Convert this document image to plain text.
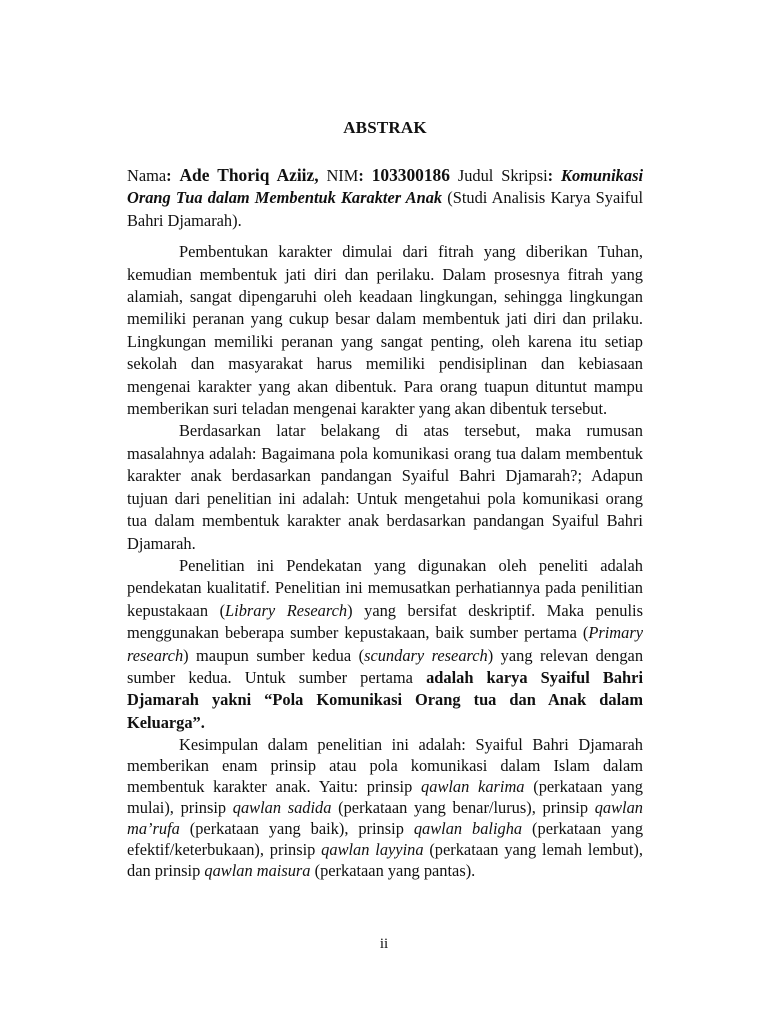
ABSTRAK

Nama: Ade Thoriq Aziiz, NIM: 103300186 Judul Skripsi: Komunikasi Orang Tua dalam Membentuk Karakter Anak (Studi Analisis Karya Syaiful Bahri Djamarah).

Pembentukan karakter dimulai dari fitrah yang diberikan Tuhan, kemudian membentuk jati diri dan perilaku. Dalam prosesnya fitrah yang alamiah, sangat dipengaruhi oleh keadaan lingkungan, sehingga lingkungan memiliki peranan yang cukup besar dalam membentuk jati diri dan prilaku. Lingkungan memiliki peranan yang sangat penting, oleh karena itu setiap sekolah dan masyarakat harus memiliki pendisiplinan dan kebiasaan mengenai karakter yang akan dibentuk. Para orang tuapun dituntut mampu memberikan suri teladan mengenai karakter yang akan dibentuk tersebut.

Berdasarkan latar belakang di atas tersebut, maka rumusan masalahnya adalah: Bagaimana pola komunikasi orang tua dalam membentuk karakter anak berdasarkan pandangan Syaiful Bahri Djamarah?; Adapun tujuan dari penelitian ini adalah: Untuk mengetahui pola komunikasi orang tua dalam membentuk karakter anak berdasarkan pandangan Syaiful Bahri Djamarah.

Penelitian ini Pendekatan yang digunakan oleh peneliti adalah pendekatan kualitatif. Penelitian ini memusatkan perhatiannya pada penilitian kepustakaan (Library Research) yang bersifat deskriptif. Maka penulis menggunakan beberapa sumber kepustakaan, baik sumber pertama (Primary research) maupun sumber kedua (scundary research) yang relevan dengan sumber kedua. Untuk sumber pertama adalah karya Syaiful Bahri Djamarah yakni “Pola Komunikasi Orang tua dan Anak dalam Keluarga”.

Kesimpulan dalam penelitian ini adalah: Syaiful Bahri Djamarah memberikan enam prinsip atau pola komunikasi dalam Islam dalam membentuk karakter anak. Yaitu: prinsip qawlan karima (perkataan yang mulai), prinsip qawlan sadida (perkataan yang benar/lurus), prinsip qawlan ma’rufa (perkataan yang baik), prinsip qawlan baligha (perkataan yang efektif/keterbukaan), prinsip qawlan layyina (perkataan yang lemah lembut), dan prinsip qawlan maisura (perkataan yang pantas).

ii
